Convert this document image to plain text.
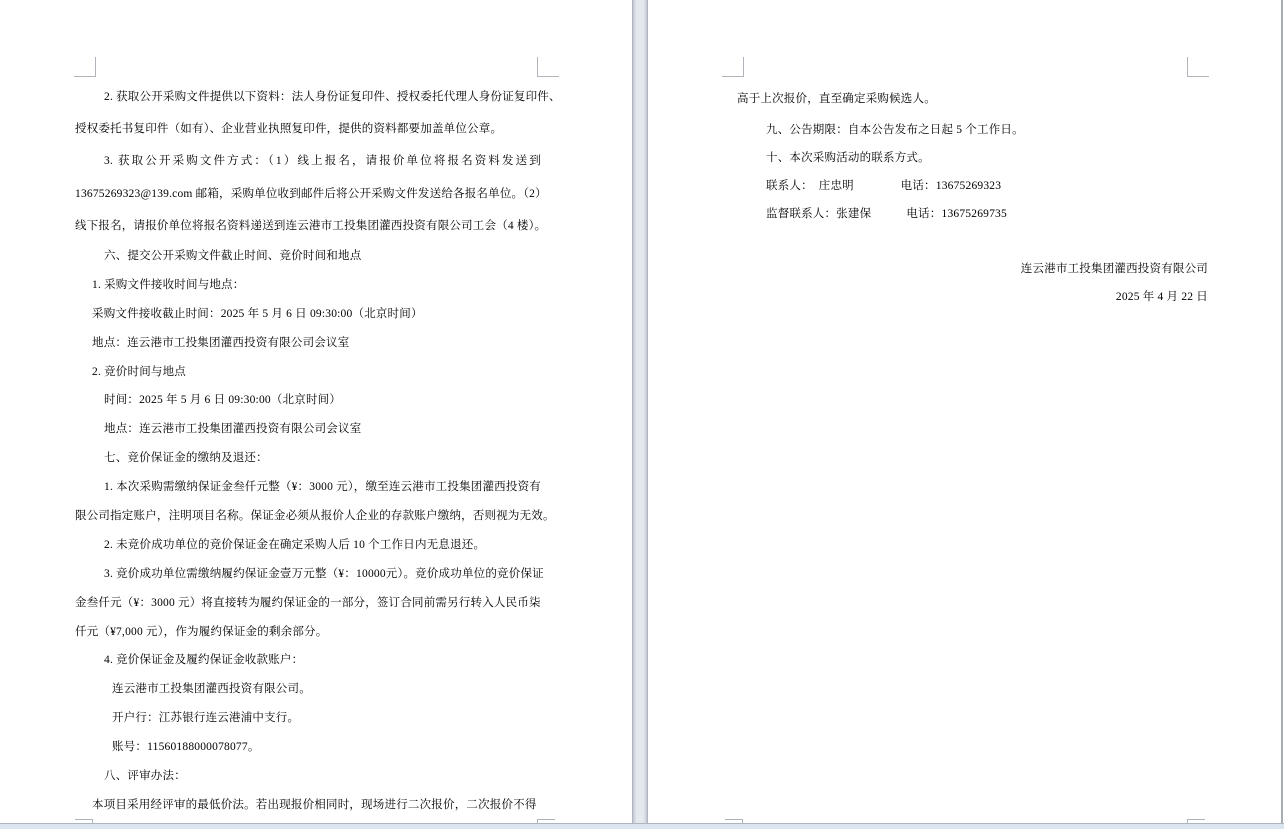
2. 获取公开采购文件提供以下资料：法人身份证复印件、授权委托代理人身份证复印件、
授权委托书复印件（如有）、企业营业执照复印件，提供的资料都要加盖单位公章。
3. 获取公开采购文件方式：（1）线上报名，请报价单位将报名资料发送到
13675269323@139.com 邮箱，采购单位收到邮件后将公开采购文件发送给各报名单位。（2）
线下报名，请报价单位将报名资料递送到连云港市工投集团灌西投资有限公司工会（4 楼）。
六、提交公开采购文件截止时间、竞价时间和地点
1. 采购文件接收时间与地点：
采购文件接收截止时间：2025 年 5 月 6 日 09:30:00（北京时间）
地点：连云港市工投集团灌西投资有限公司会议室
2. 竞价时间与地点
时间：2025 年 5 月 6 日 09:30:00（北京时间）
地点：连云港市工投集团灌西投资有限公司会议室
七、竞价保证金的缴纳及退还：
1. 本次采购需缴纳保证金叁仟元整（¥：3000 元），缴至连云港市工投集团灌西投资有
限公司指定账户，注明项目名称。保证金必须从报价人企业的存款账户缴纳，否则视为无效。
2. 未竞价成功单位的竞价保证金在确定采购人后 10 个工作日内无息退还。
3. 竞价成功单位需缴纳履约保证金壹万元整（¥：10000元）。竞价成功单位的竞价保证
金叁仟元（¥：3000 元）将直接转为履约保证金的一部分，签订合同前需另行转入人民币柒
仟元（¥7,000 元），作为履约保证金的剩余部分。
4. 竞价保证金及履约保证金收款账户：
连云港市工投集团灌西投资有限公司。
开户行：江苏银行连云港浦中支行。
账号：11560188000078077。
八、评审办法：
本项目采用经评审的最低价法。若出现报价相同时，现场进行二次报价，二次报价不得
高于上次报价，直至确定采购候选人。
九、公告期限：自本公告发布之日起 5 个工作日。
十、本次采购活动的联系方式。
联系人：　庄忠明　　　　电话：13675269323
监督联系人：张建保　　　电话：13675269735
连云港市工投集团灌西投资有限公司
2025 年 4 月 22 日
